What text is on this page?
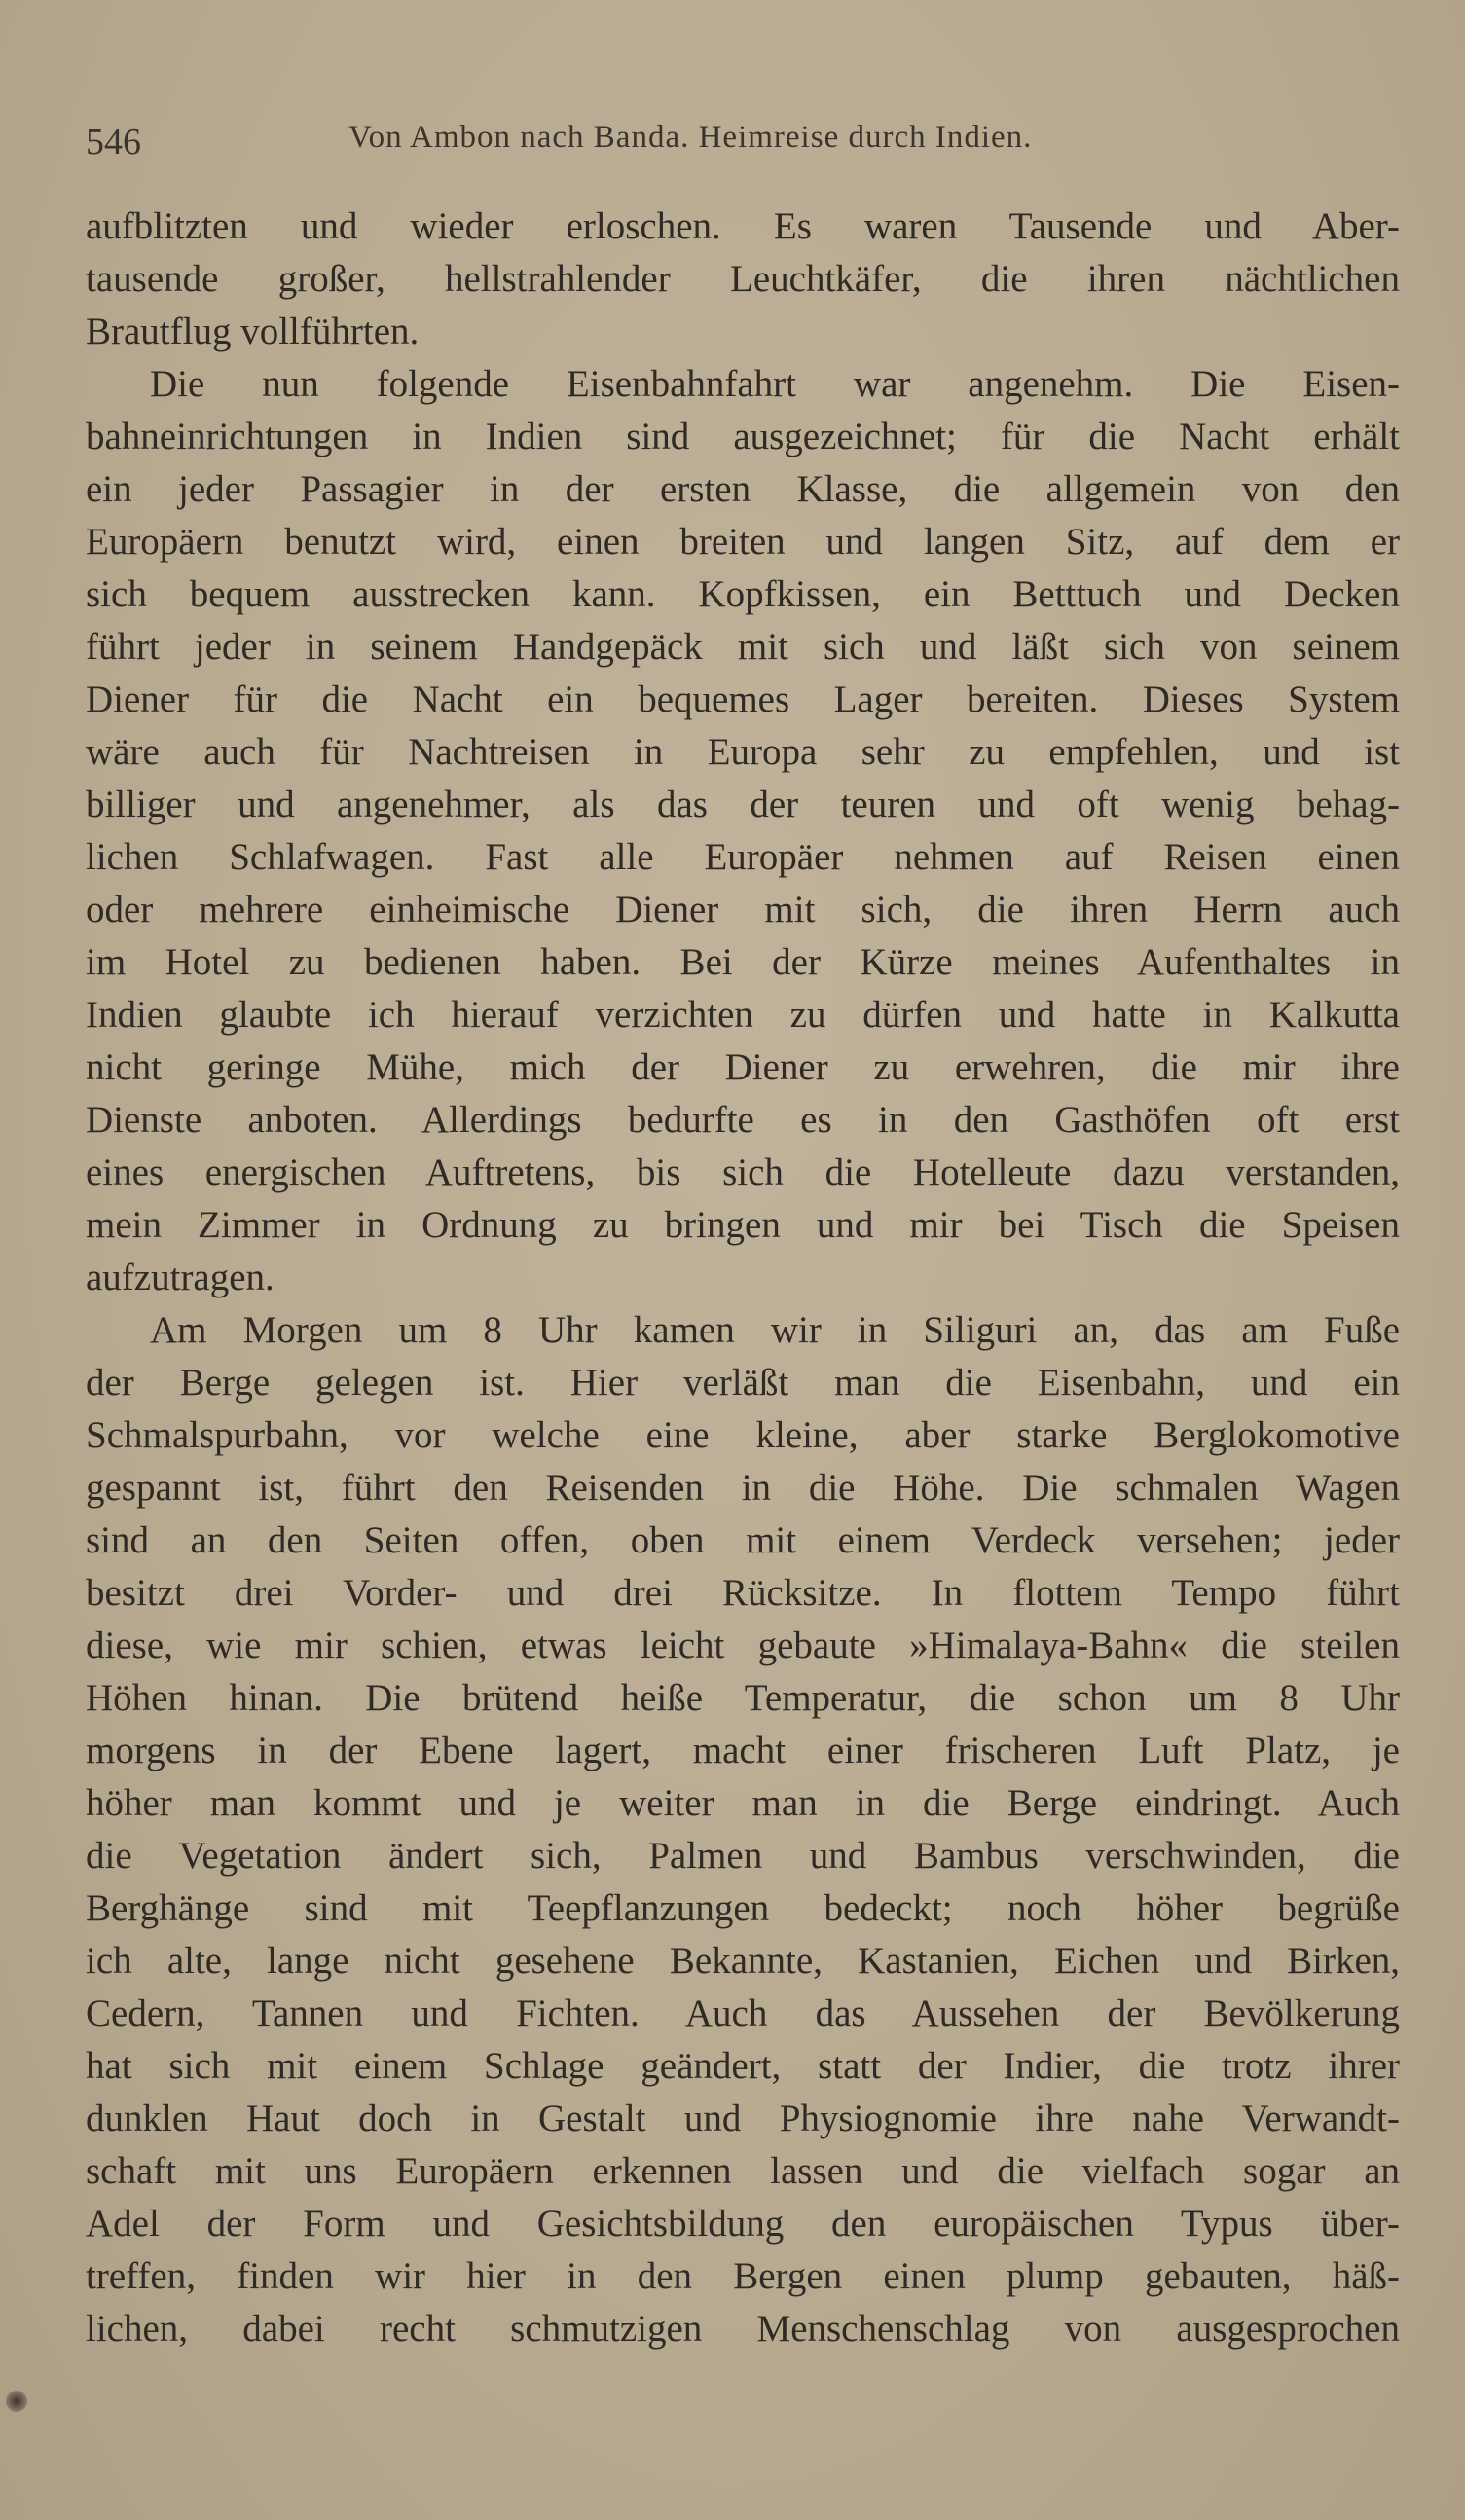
546	Von Ambon nach Banda. Heimreise durch Indien.
aufblitzten und wieder erloschen. Es waren Tausende und Aber-
tausende großer, hellstrahlender Leuchtkäfer, die ihren nächtlichen
Brautflug vollführten.
Die nun folgende Eisenbahnfahrt war angenehm. Die Eisen-
bahneinrichtungen in Indien sind ausgezeichnet; für die Nacht erhält
ein jeder Passagier in der ersten Klasse, die allgemein von den
Europäern benutzt wird, einen breiten und langen Sitz, auf dem er
sich bequem ausstrecken kann. Kopfkissen, ein Betttuch und Decken
führt jeder in seinem Handgepäck mit sich und läßt sich von seinem
Diener für die Nacht ein bequemes Lager bereiten. Dieses System
wäre auch für Nachtreisen in Europa sehr zu empfehlen, und ist
billiger und angenehmer, als das der teuren und oft wenig behag-
lichen Schlafwagen. Fast alle Europäer nehmen auf Reisen einen
oder mehrere einheimische Diener mit sich, die ihren Herrn auch
im Hotel zu bedienen haben. Bei der Kürze meines Aufenthaltes in
Indien glaubte ich hierauf verzichten zu dürfen und hatte in Kalkutta
nicht geringe Mühe, mich der Diener zu erwehren, die mir ihre
Dienste anboten. Allerdings bedurfte es in den Gasthöfen oft erst
eines energischen Auftretens, bis sich die Hotelleute dazu verstanden,
mein Zimmer in Ordnung zu bringen und mir bei Tisch die Speisen
aufzutragen.
Am Morgen um 8 Uhr kamen wir in Siliguri an, das am Fuße
der Berge gelegen ist. Hier verläßt man die Eisenbahn, und ein
Schmalspurbahn, vor welche eine kleine, aber starke Berglokomotive
gespannt ist, führt den Reisenden in die Höhe. Die schmalen Wagen
sind an den Seiten offen, oben mit einem Verdeck versehen; jeder
besitzt drei Vorder- und drei Rücksitze. In flottem Tempo führt
diese, wie mir schien, etwas leicht gebaute »Himalaya-Bahn« die steilen
Höhen hinan. Die brütend heiße Temperatur, die schon um 8 Uhr
morgens in der Ebene lagert, macht einer frischeren Luft Platz, je
höher man kommt und je weiter man in die Berge eindringt. Auch
die Vegetation ändert sich, Palmen und Bambus verschwinden, die
Berghänge sind mit Teepflanzungen bedeckt; noch höher begrüße
ich alte, lange nicht gesehene Bekannte, Kastanien, Eichen und Birken,
Cedern, Tannen und Fichten. Auch das Aussehen der Bevölkerung
hat sich mit einem Schlage geändert, statt der Indier, die trotz ihrer
dunklen Haut doch in Gestalt und Physiognomie ihre nahe Verwandt-
schaft mit uns Europäern erkennen lassen und die vielfach sogar an
Adel der Form und Gesichtsbildung den europäischen Typus über-
treffen, finden wir hier in den Bergen einen plump gebauten, häß-
lichen, dabei recht schmutzigen Menschenschlag von ausgesprochen
